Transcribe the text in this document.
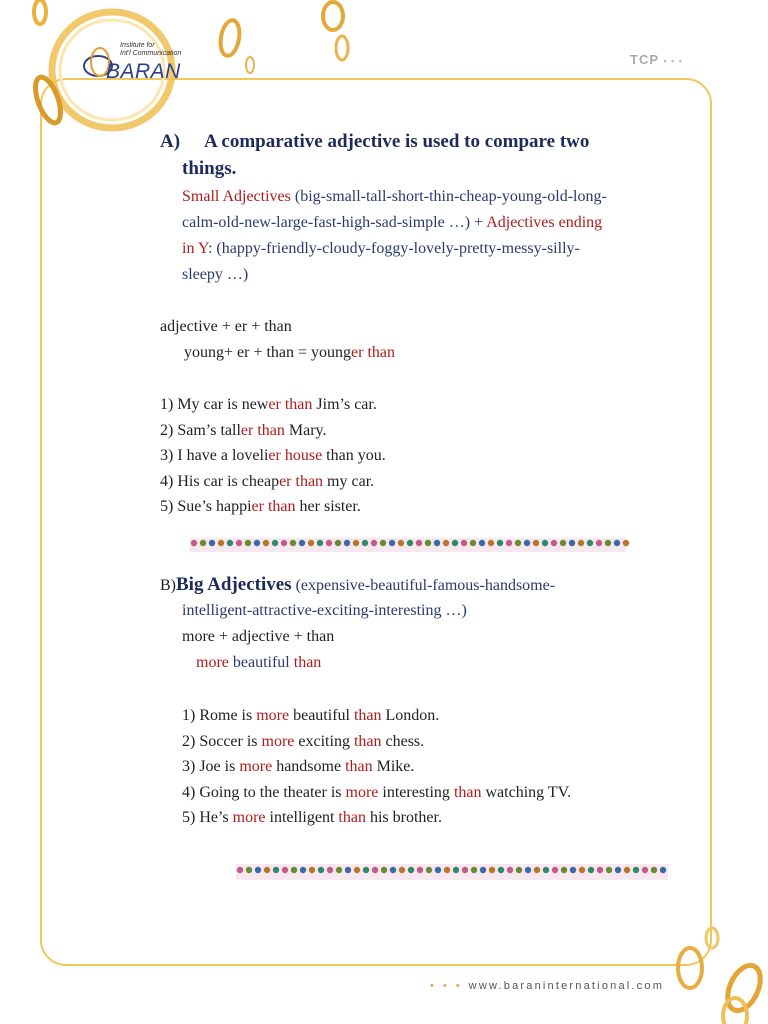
Institute for
Int'l Communication
BARAN
TCP • • •
A) A comparative adjective is used to compare two
things.
Small Adjectives (big-small-tall-short-thin-cheap-young-old-long-
calm-old-new-large-fast-high-sad-simple …) + Adjectives ending
in Y: (happy-friendly-cloudy-foggy-lovely-pretty-messy-silly-
sleepy …)
adjective + er + than
young+ er + than = younger than
1) My car is newer than Jim’s car.
2) Sam’s taller than Mary.
3) I have a lovelier house than you.
4) His car is cheaper than my car.
5) Sue’s happier than her sister.
B)Big Adjectives (expensive-beautiful-famous-handsome-
intelligent-attractive-exciting-interesting …)
more + adjective + than
more beautiful than
1) Rome is more beautiful than London.
2) Soccer is more exciting than chess.
3) Joe is more handsome than Mike.
4) Going to the theater is more interesting than watching TV.
5) He’s more intelligent than his brother.
• • • www.baraninternational.com
